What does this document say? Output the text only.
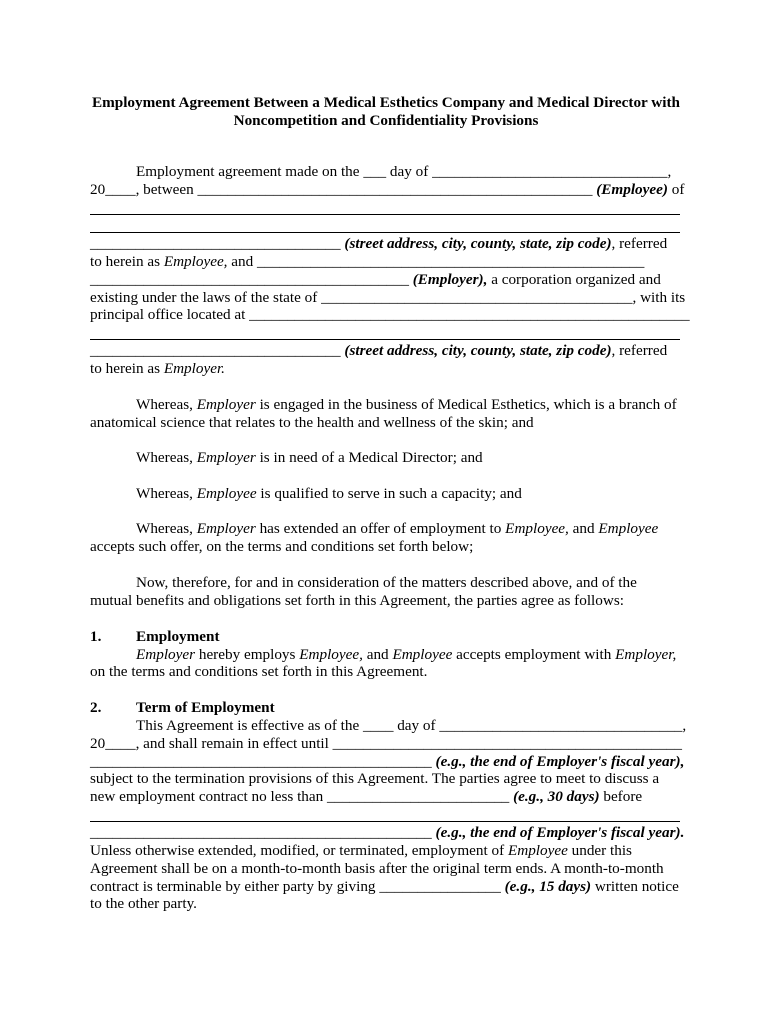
Employment Agreement Between a Medical Esthetics Company and Medical Director with
Noncompetition and Confidentiality Provisions
Employment agreement made on the ___ day of _______________________________,
20____, between ____________________________________________________ (Employee) of
_________________________________ (street address, city, county, state, zip code), referred
to herein as Employee, and ___________________________________________________
__________________________________________ (Employer), a corporation organized and
existing under the laws of the state of _________________________________________, with its
principal office located at __________________________________________________________
_________________________________ (street address, city, county, state, zip code), referred
to herein as Employer.
Whereas, Employer is engaged in the business of Medical Esthetics, which is a branch of
anatomical science that relates to the health and wellness of the skin; and
Whereas, Employer is in need of a Medical Director; and
Whereas, Employee is qualified to serve in such a capacity; and
Whereas, Employer has extended an offer of employment to Employee, and Employee
accepts such offer, on the terms and conditions set forth below;
Now, therefore, for and in consideration of the matters described above, and of the
mutual benefits and obligations set forth in this Agreement, the parties agree as follows:
1. Employment
Employer hereby employs Employee, and Employee accepts employment with Employer,
on the terms and conditions set forth in this Agreement.
2. Term of Employment
This Agreement is effective as of the ____ day of ________________________________,
20____, and shall remain in effect until ______________________________________________
_____________________________________________ (e.g., the end of Employer's fiscal year),
subject to the termination provisions of this Agreement. The parties agree to meet to discuss a
new employment contract no less than ________________________ (e.g., 30 days) before
_____________________________________________ (e.g., the end of Employer's fiscal year).
Unless otherwise extended, modified, or terminated, employment of Employee under this
Agreement shall be on a month-to-month basis after the original term ends. A month-to-month
contract is terminable by either party by giving ________________ (e.g., 15 days) written notice
to the other party.
